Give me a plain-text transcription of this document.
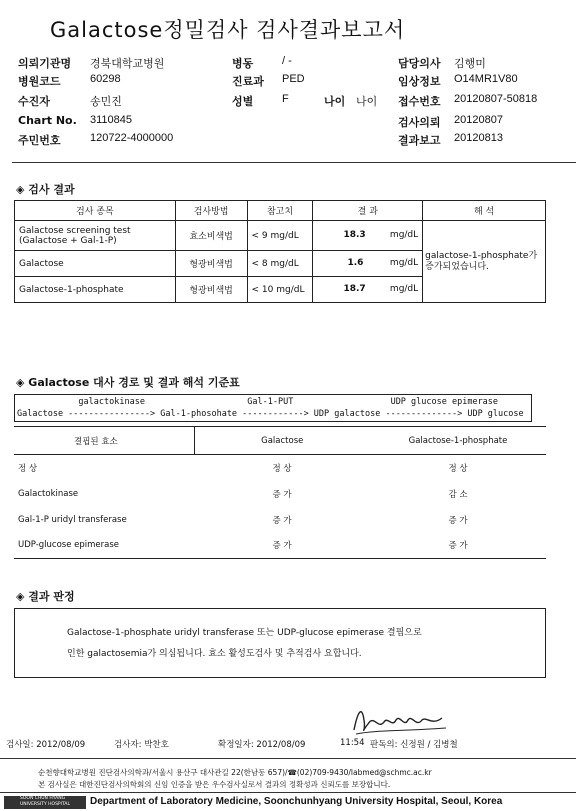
Galactose정밀검사 검사결과보고서
의뢰기관명 경북대학교병원
병원코드	60298
수진자	송민진
Chart No. 3110845
주민번호	120722-4000000
병동	/ -
진료과 PED
성별	F	나이 나이
담당의사 김행미
임상정보 O14MR1V80
접수번호 20120807-50818
검사의뢰 20120807
결과보고 20120813
◈ 검사 결과
검사 종목	검사방법	참고치	결 과	해 석
Galactose screening test
(Galactose + Gal-1-P)	효소비색법	< 9 mg/dL	18.3 mg/dL	galactose-1-phosphate가
증가되었습니다.
Galactose	형광비색법	< 8 mg/dL	1.6 mg/dL	

Galactose-1-phosphate	형광비색법	< 10 mg/dL	18.7 mg/dL	
◈ Galactose 대사 경로 및 결과 해석 기준표
galactokinase                    Gal-1-PUT                   UDP glucose epimerase
Galactose ----------------> Gal-1-phosohate ------------> UDP galactose --------------> UDP glucose
결핍된 효소	Galactose	Galactose-1-phosphate
정 상	정 상	정 상
Galactokinase	증 가	감 소
Gal-1-P uridyl transferase	증 가	증 가
UDP-glucose epimerase	증 가	증 가
◈ 결과 판정
Galactose-1-phosphate uridyl transferase 또는 UDP-glucose epimerase 결핍으로
인한 galactosemia가 의심됩니다. 효소 활성도검사 및 추적검사 요합니다.
검사일: 2012/08/09	검사자: 박찬호	확정일자: 2012/08/09	11:54 판독의: 신정원 / 김병철
순천향대학교병원 진단검사의학과/서울시 용산구 대사관길 22(한남동 657)/☎(02)709-9430/labmed@schmc.ac.kr
본 검사실은 대한진단검사의학회의 신임 인증을 받은 우수검사실로서 결과의 정확성과 신뢰도를 보장합니다.
SOON CHUN HYANG UNIVERSITY HOSPITAL	Department of Laboratory Medicine, Soonchunhyang University Hospital, Seoul, Korea
